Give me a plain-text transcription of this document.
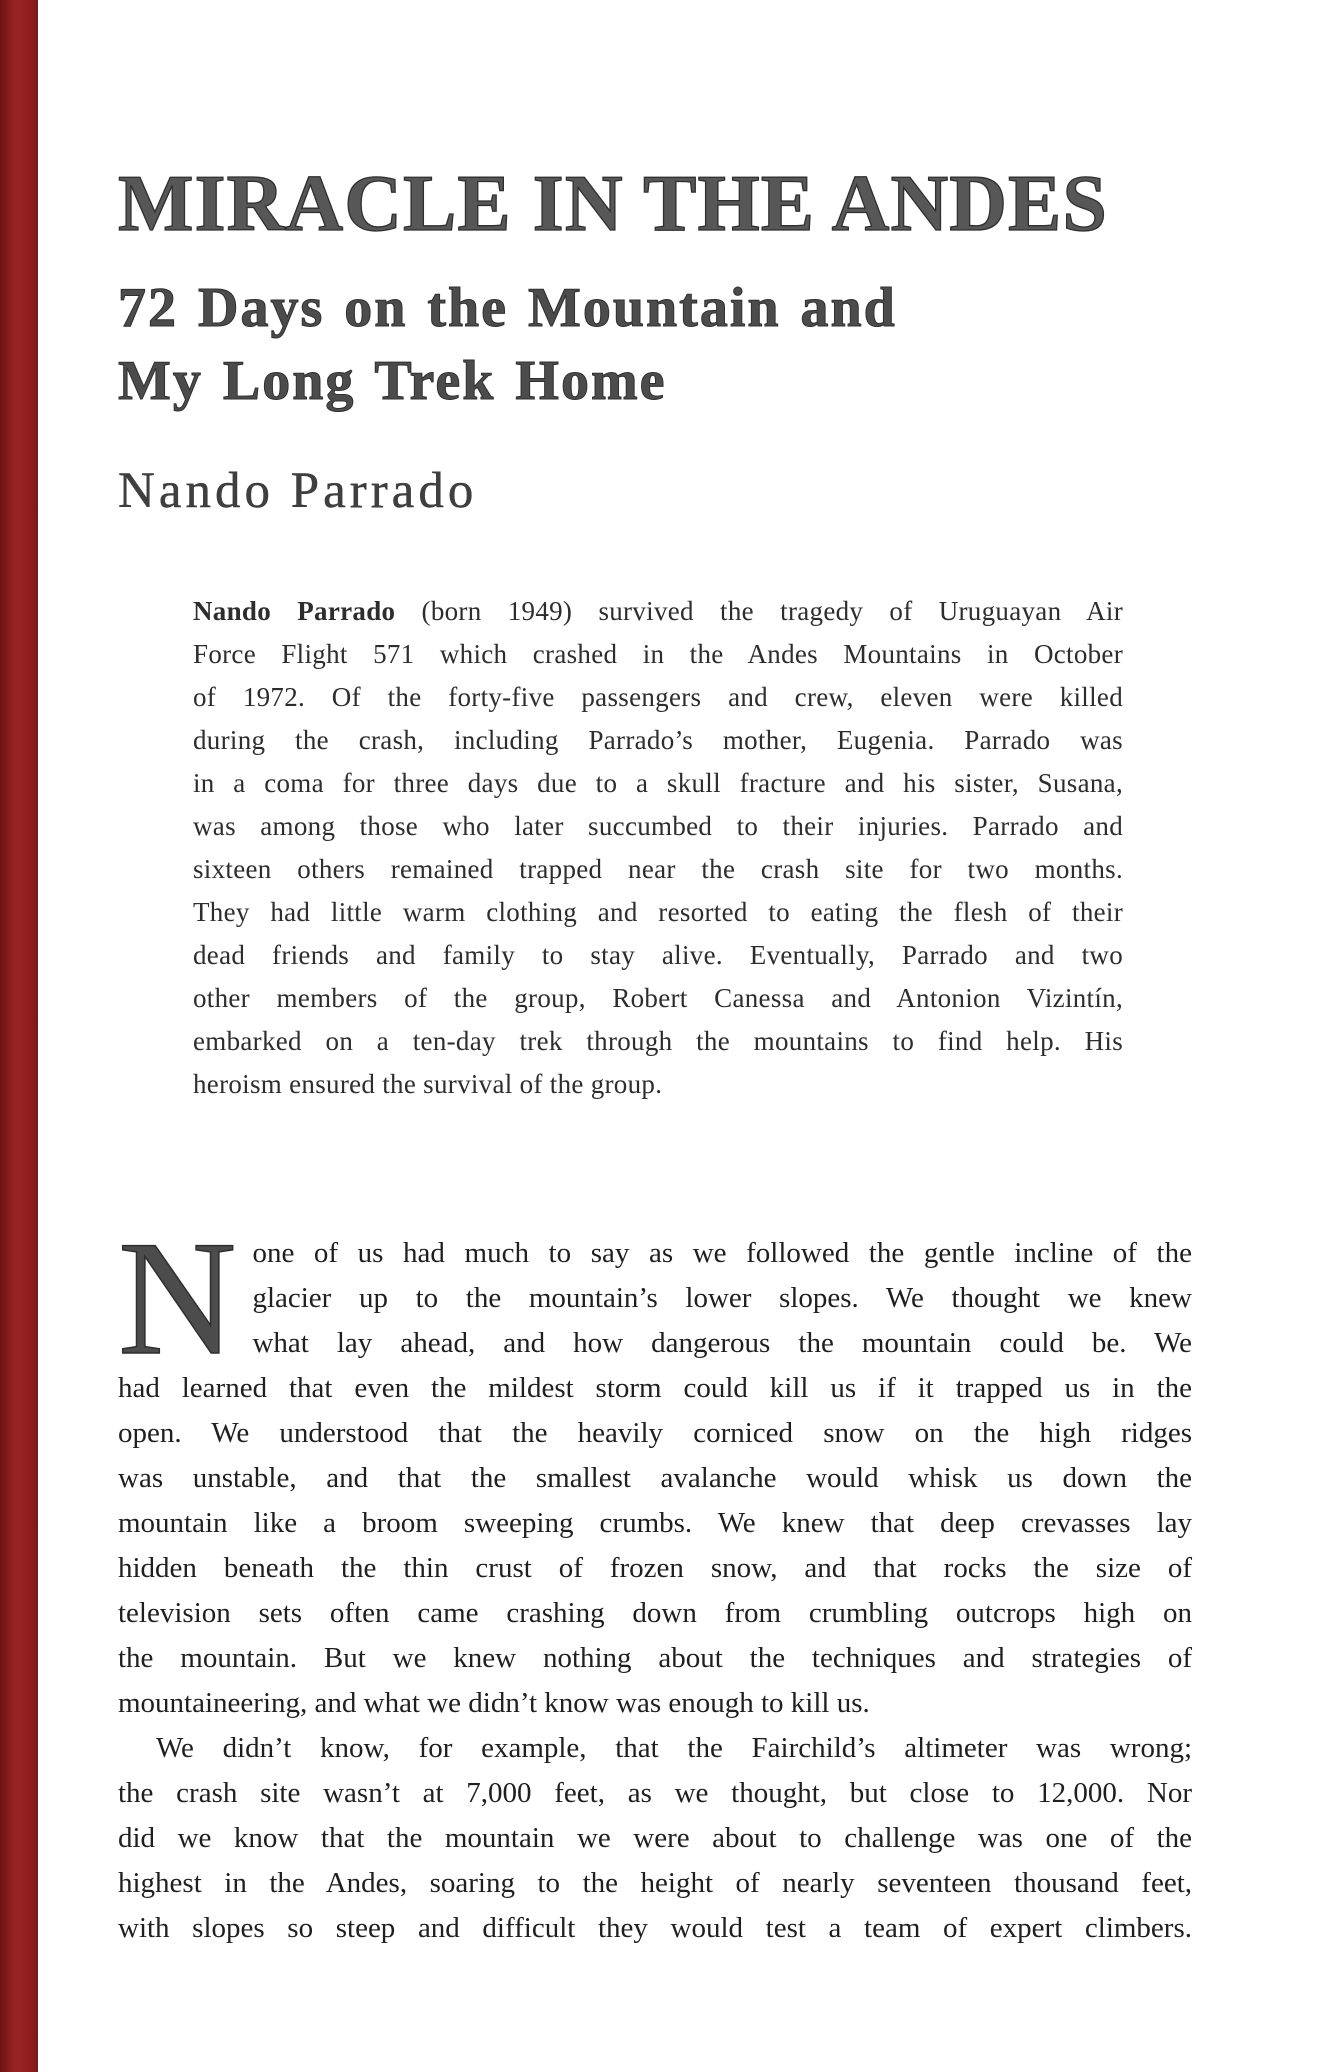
MIRACLE IN THE ANDES
72 Days on the Mountain and
My Long Trek Home
Nando Parrado
Nando Parrado (born 1949) survived the tragedy of Uruguayan Air
Force Flight 571 which crashed in the Andes Mountains in October
of 1972. Of the forty-five passengers and crew, eleven were killed
during the crash, including Parrado’s mother, Eugenia. Parrado was
in a coma for three days due to a skull fracture and his sister, Susana,
was among those who later succumbed to their injuries. Parrado and
sixteen others remained trapped near the crash site for two months.
They had little warm clothing and resorted to eating the flesh of their
dead friends and family to stay alive. Eventually, Parrado and two
other members of the group, Robert Canessa and Antonion Vizintín,
embarked on a ten-day trek through the mountains to find help. His
heroism ensured the survival of the group.
N one of us had much to say as we followed the gentle incline of the
glacier up to the mountain’s lower slopes. We thought we knew
what lay ahead, and how dangerous the mountain could be. We
had learned that even the mildest storm could kill us if it trapped us in the
open. We understood that the heavily corniced snow on the high ridges
was unstable, and that the smallest avalanche would whisk us down the
mountain like a broom sweeping crumbs. We knew that deep crevasses lay
hidden beneath the thin crust of frozen snow, and that rocks the size of
television sets often came crashing down from crumbling outcrops high on
the mountain. But we knew nothing about the techniques and strategies of
mountaineering, and what we didn’t know was enough to kill us.
We didn’t know, for example, that the Fairchild’s altimeter was wrong;
the crash site wasn’t at 7,000 feet, as we thought, but close to 12,000. Nor
did we know that the mountain we were about to challenge was one of the
highest in the Andes, soaring to the height of nearly seventeen thousand feet,
with slopes so steep and difficult they would test a team of expert climbers.
